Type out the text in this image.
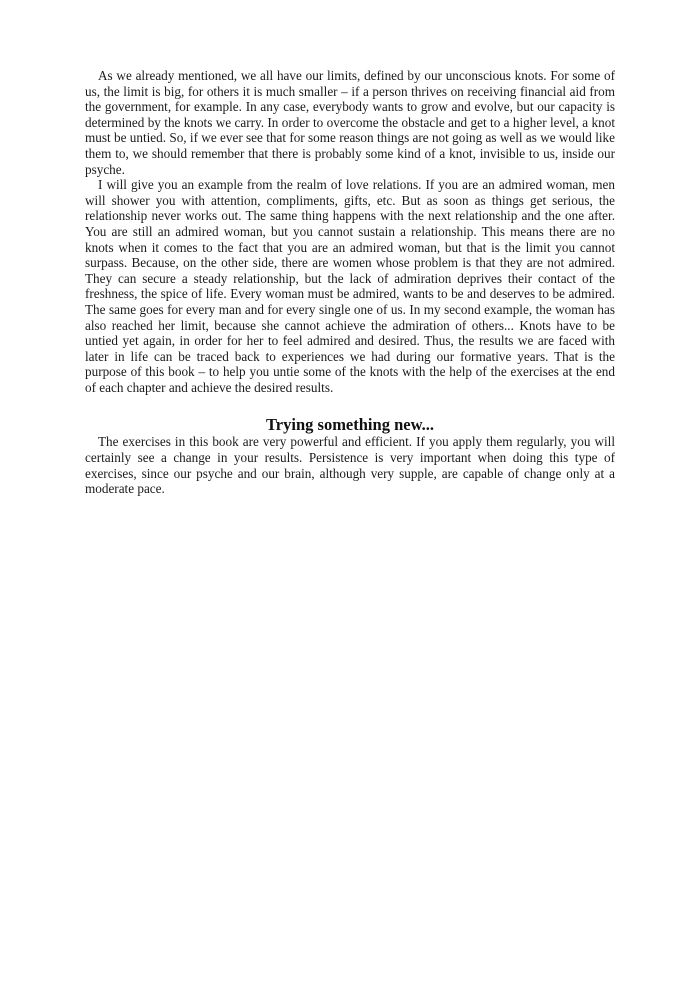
As we already mentioned, we all have our limits, defined by our unconscious knots. For some of us, the limit is big, for others it is much smaller – if a person thrives on receiving financial aid from the government, for example. In any case, everybody wants to grow and evolve, but our capacity is determined by the knots we carry. In order to overcome the obstacle and get to a higher level, a knot must be untied. So, if we ever see that for some reason things are not going as well as we would like them to, we should remember that there is probably some kind of a knot, invisible to us, inside our psyche.

I will give you an example from the realm of love relations. If you are an admired woman, men will shower you with attention, compliments, gifts, etc. But as soon as things get serious, the relationship never works out. The same thing happens with the next relationship and the one after. You are still an admired woman, but you cannot sustain a relationship. This means there are no knots when it comes to the fact that you are an admired woman, but that is the limit you cannot surpass. Because, on the other side, there are women whose problem is that they are not admired. They can secure a steady relationship, but the lack of admiration deprives their contact of the freshness, the spice of life. Every woman must be admired, wants to be and deserves to be admired. The same goes for every man and for every single one of us. In my second example, the woman has also reached her limit, because she cannot achieve the admiration of others... Knots have to be untied yet again, in order for her to feel admired and desired. Thus, the results we are faced with later in life can be traced back to experiences we had during our formative years. That is the purpose of this book – to help you untie some of the knots with the help of the exercises at the end of each chapter and achieve the desired results.

Trying something new...

The exercises in this book are very powerful and efficient. If you apply them regularly, you will certainly see a change in your results. Persistence is very important when doing this type of exercises, since our psyche and our brain, although very supple, are capable of change only at a moderate pace.
